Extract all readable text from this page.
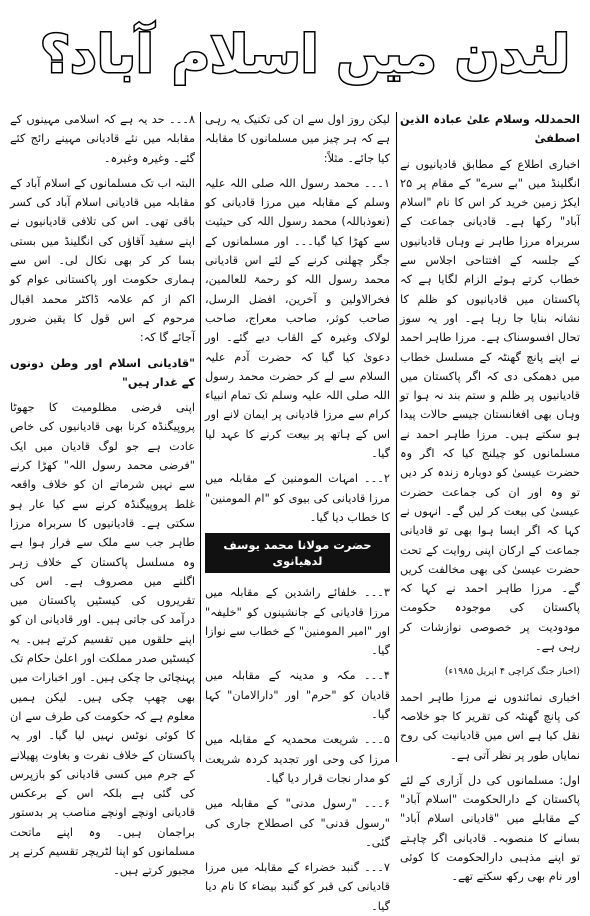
لندن میں اسلام آباد؟

الحمدللہ وسلام علیٰ عبادہ الذین اصطفیٰ

اخباری اطلاع کے مطابق قادیانیوں نے انگلینڈ میں "بے سرے" کے مقام پر ۲۵ ایکڑ زمین خرید کر اس کا نام "اسلام آباد" رکھا ہے۔ قادیانی جماعت کے سربراہ مرزا طاہر نے وہاں قادیانیوں کے جلسہ کے افتتاحی اجلاس سے خطاب کرتے ہوئے الزام لگایا ہے کہ پاکستان میں قادیانیوں کو ظلم کا نشانہ بنایا جا رہا ہے۔ اور یہ سوز تحال افسوسناک ہے۔ مرزا طاہر احمد نے اپنے پانچ گھنٹہ کے مسلسل خطاب میں دھمکی دی کہ اگر پاکستان میں قادیانیوں پر ظلم و ستم بند نہ ہوا تو وہاں بھی افغانستان جیسے حالات پیدا ہو سکتے ہیں۔ مرزا طاہر احمد نے مسلمانوں کو چیلنج کیا کہ اگر وہ حضرت عیسیٰ کو دوبارہ زندہ کر دیں تو وہ اور ان کی جماعت حضرت عیسیٰ کی بیعت کر لیں گے۔ انہوں نے کہا کہ اگر ایسا ہوا بھی تو قادیانی جماعت کے ارکان اپنی روایت کے تحت حضرت عیسیٰ کی بھی مخالفت کریں گے۔ مرزا طاہر احمد نے کہا کہ پاکستان کی موجودہ حکومت مودودیت پر خصوصی نوازشات کر رہی ہے۔

(اخبار جنگ کراچی ۴ اپریل ۱۹۸۵ء)

اخباری نمائندوں نے مرزا طاہر احمد کی پانچ گھنٹہ کی تقریر کا جو خلاصہ نقل کیا ہے اس میں قادیانیت کی روح نمایاں طور پر نظر آتی ہے۔

اول: مسلمانوں کی دل آزاری کے لئے پاکستان کے دارالحکومت "اسلام آباد" کے مقابلے میں "قادیانی اسلام آباد" بسانے کا منصوبہ۔ قادیانی اگر چاہتے تو اپنے مذہبی دارالحکومت کا کوئی اور نام بھی رکھ سکتے تھے۔

لیکن روز اول سے ان کی تکنیک یہ رہی ہے کہ ہر چیز میں مسلمانوں کا مقابلہ کیا جائے۔ مثلاً:

۱۔۔۔ محمد رسول اللہ صلی اللہ علیہ وسلم کے مقابلہ میں مرزا قادیانی کو (نعوذباللہ) محمد رسول اللہ کی حیثیت سے کھڑا کیا گیا۔۔۔ اور مسلمانوں کے جگر چھلنی کرنے کے لئے اس قادیانی محمد رسول اللہ کو رحمۃ للعالمین، فخرالاولین و آخرین، افضل الرسل، صاحب کوثر، صاحب معراج، صاحب لولاک وغیرہ کے القاب دیے گئے۔ اور دعویٰ کیا گیا کہ حضرت آدم علیہ السلام سے لے کر حضرت محمد رسول اللہ صلی اللہ علیہ وسلم تک تمام انبیاء کرام سے مرزا قادیانی پر ایمان لانے اور اس کے ہاتھ پر بیعت کرنے کا عہد لیا گیا۔

۲۔۔۔ امہات المومنین کے مقابلہ میں مرزا قادیانی کی بیوی کو "ام المومنین" کا خطاب دیا گیا۔

حضرت مولانا محمد یوسف لدھیانوی

۳۔۔۔ خلفائے راشدین کے مقابلہ میں مرزا قادیانی کے جانشینوں کو "خلیفہ" اور "امیر المومنین" کے خطاب سے نوازا گیا۔

۴۔۔۔ مکہ و مدینہ کے مقابلہ میں قادیان کو "حرم" اور "دارالامان" کہا گیا۔

۵۔۔۔ شریعت محمدیہ کے مقابلہ میں مرزا کی وحی اور تجدید کردہ شریعت کو مدار نجات قرار دیا گیا۔

۶۔۔۔ "رسول مدنی" کے مقابلہ میں "رسول قدنی" کی اصطلاح جاری کی گئی۔

۷۔۔۔ گنبد خضراء کے مقابلہ میں مرزا قادیانی کی قبر کو گنبد بیضاء کا نام دیا گیا۔

۸۔۔۔ حد یہ ہے کہ اسلامی مہینوں کے مقابلہ میں نئے قادیانی مہینے رائج کئے گئے۔ وغیرہ وغیرہ۔

البتہ اب تک مسلمانوں کے اسلام آباد کے مقابلہ میں قادیانی اسلام آباد کی کسر باقی تھی۔ اس کی تلافی قادیانیوں نے اپنے سفید آقاؤں کی انگلینڈ میں بستی بسا کر کر بھی نکال لی۔ اس سے ہماری حکومت اور پاکستانی عوام کو اکم از کم علامہ ڈاکٹر محمد اقبال مرحوم کے اس قول کا یقین ضرور آجائے گا کہ:

"قادیانی اسلام اور وطن دونوں کے غدار ہیں"

اپنی فرضی مظلومیت کا جھوٹا پروپیگنڈہ کرنا بھی قادیانیوں کی خاص عادت ہے جو لوگ قادیان میں ایک "فرضی محمد رسول اللہ" کھڑا کرنے سے نہیں شرماتے ان کو خلاف واقعہ غلط پروپیگنڈہ کرنے سے کیا عار ہو سکتی ہے۔ قادیانیوں کا سربراہ مرزا طاہر جب سے ملک سے فرار ہوا ہے وہ مسلسل پاکستان کے خلاف زہر اگلنے میں مصروف ہے۔ اس کی تقریروں کی کیسٹیں پاکستان میں درآمد کی جاتی ہیں۔ اور قادیانی ان کو اپنے حلقوں میں تقسیم کرتے ہیں۔ یہ کیسٹیں صدر مملکت اور اعلیٰ حکام تک پہنچائی جا چکی ہیں۔ اور اخبارات میں بھی چھپ چکی ہیں۔ لیکن ہمیں معلوم ہے کہ حکومت کی طرف سے ان کا کوئی نوٹس نہیں لیا گیا۔ اور یہ پاکستان کے خلاف نفرت و بغاوت پھیلانے کے جرم میں کسی قادیانی کو بازپرس کی گئی ہے بلکہ اس کے برعکس قادیانی اونچے اونچے مناصب پر بدستور براجمان ہیں۔ وہ اپنے ماتحت مسلمانوں کو اپنا لٹریچر تقسیم کرنے پر مجبور کرتے ہیں۔
